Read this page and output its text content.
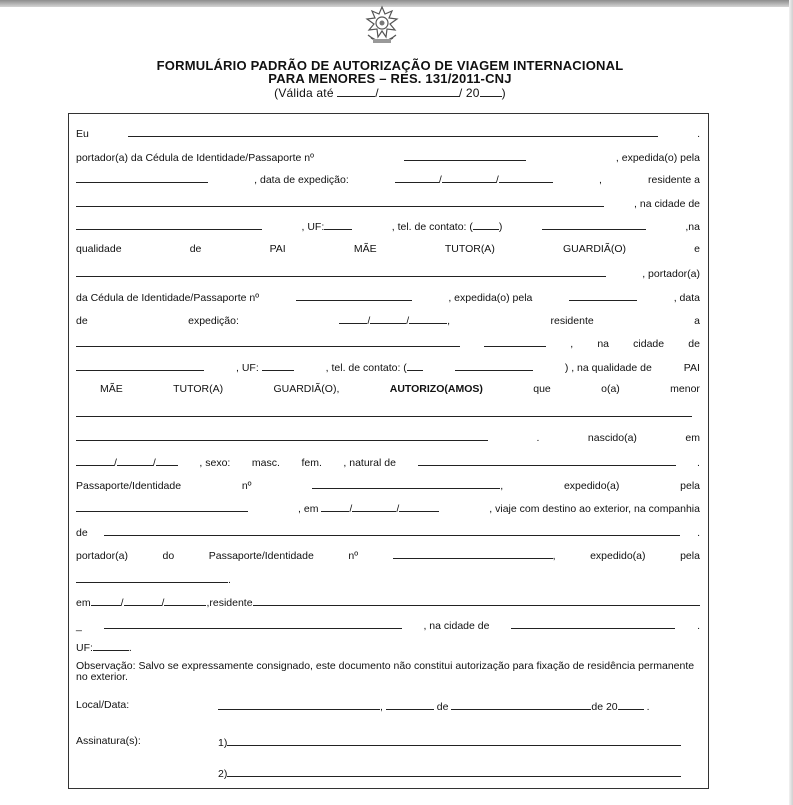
FORMULÁRIO PADRÃO DE AUTORIZAÇÃO DE VIAGEM INTERNACIONAL
PARA MENORES – RES. 131/2011-CNJ
(Válida até	/	/ 20 )
Eu	.
portador(a) da Cédula de Identidade/Passaporte nº	, expedida(o) pela
, data de expedição:	/	/	,	residente a
, na cidade de
, UF:	, tel. de contato: ( )	,na
qualidade	de	PAI	MÃE	TUTOR(A)	GUARDIÃ(O)	e
, portador(a)
da Cédula de Identidade/Passaporte nº	, expedida(o) pela	, data
de	expedição:	/	/	,	residente	a
, na cidade de
, UF:	, tel. de contato: (	) , na qualidade de	PAI
MÃE	TUTOR(A)	GUARDIÃ(O),	AUTORIZO(AMOS)	que	o(a)	menor
.	nascido(a)	em
/	/	, sexo: masc. fem. , natural de	.
Passaporte/Identidade	nº	,	expedido(a)	pela
, em	/	/	, viaje com destino ao exterior, na companhia
de	.
portador(a)	do	Passaporte/Identidade	nº	,	expedido(a)	pela
.
em	/	/	,residente
_	, na cidade de	.
UF:	.
Observação: Salvo se expressamente consignado, este documento não constitui autorização para fixação de residência permanente no exterior.
Local/Data:	,	de	de 20	.
Assinatura(s):	1)
2)
